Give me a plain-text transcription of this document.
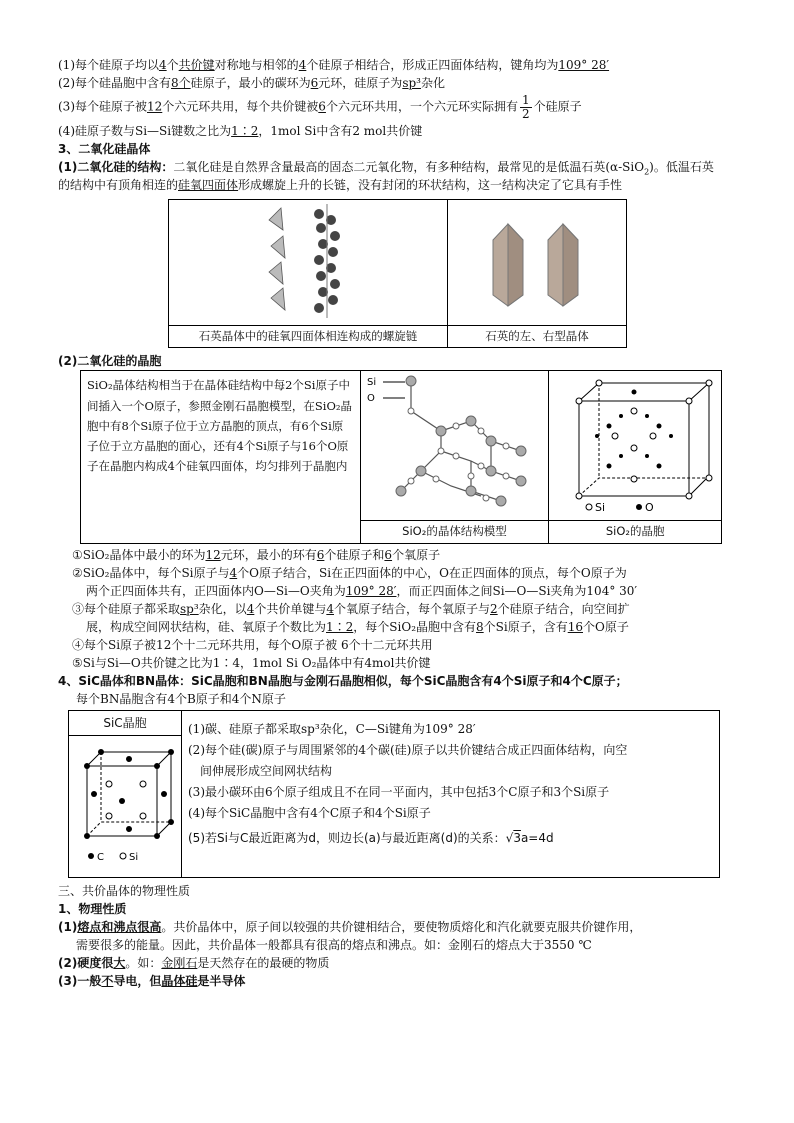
(1)每个硅原子均以4个共价键对称地与相邻的4个硅原子相结合，形成正四面体结构，键角均为109° 28′

(2)每个硅晶胞中含有8个硅原子，最小的碳环为6元环，硅原子为sp³杂化

(3)每个硅原子被12个六元环共用，每个共价键被6个六元环共用，一个六元环实际拥有 $\frac{1}{2}$ 个硅原子

(4)硅原子数与Si—Si键数之比为1∶2，1mol Si中含有2 mol共价键

3、二氧化硅晶体

(1)二氧化硅的结构：二氧化硅是自然界含量最高的固态二元氧化物，有多种结构，最常见的是低温石英(α-SiO$_2$)。低温石英的结构中有顶角相连的硅氧四面体形成螺旋上升的长链，没有封闭的环状结构，这一结构决定了它具有手性

石英晶体中的硅氧四面体相连构成的螺旋链	石英的左、右型晶体

(2)二氧化硅的晶胞

SiO₂晶体结构相当于在晶体硅结构中每2个Si原子中间插入一个O原子，参照金刚石晶胞模型，在SiO₂晶胞中有8个Si原子位于立方晶胞的顶点，有6个Si原子位于立方晶胞的面心，还有4个Si原子与16个O原子在晶胞内构成4个硅氧四面体，均匀排列于晶胞内	Si
O	Si O

	SiO₂的晶体结构模型	SiO₂的晶胞

①SiO₂晶体中最小的环为12元环，最小的环有6个硅原子和6个氧原子

②SiO₂晶体中，每个Si原子与4个O原子结合，Si在正四面体的中心，O在正四面体的顶点，每个O原子为

两个正四面体共有，正四面体内O—Si—O夹角为109° 28′，而正四面体之间Si—O—Si夹角为104° 30′

③每个硅原子都采取sp³杂化，以4个共价单键与4个氧原子结合，每个氧原子与2个硅原子结合，向空间扩

展，构成空间网状结构，硅、氧原子个数比为1∶2，每个SiO₂晶胞中含有8个Si原子，含有16个O原子

④每个Si原子被12个十二元环共用，每个O原子被 6个十二元环共用

⑤Si与Si—O共价键之比为1∶4，1mol Si O₂晶体中有4mol共价键

4、SiC晶体和BN晶体：SiC晶胞和BN晶胞与金刚石晶胞相似，每个SiC晶胞含有4个Si原子和4个C原子；

每个BN晶胞含有4个B原子和4个N原子

SiC晶胞	(1)碳、硅原子都采取sp³杂化，C—Si键角为109° 28′
(2)每个硅(碳)原子与周围紧邻的4个碳(硅)原子以共价键结合成正四面体结构，向空
间伸展形成空间网状结构
(3)最小碳环由6个原子组成且不在同一平面内，其中包括3个C原子和3个Si原子
(4)每个SiC晶胞中含有4个C原子和4个Si原子
(5)若Si与C最近距离为d，则边长(a)与最近距离(d)的关系：√3a=4d

C	Si

三、共价晶体的物理性质

1、物理性质

(1)熔点和沸点很高。共价晶体中，原子间以较强的共价键相结合，要使物质熔化和汽化就要克服共价键作用，

需要很多的能量。因此，共价晶体一般都具有很高的熔点和沸点。如：金刚石的熔点大于3550 ℃

(2)硬度很大。如：金刚石是天然存在的最硬的物质

(3)一般不导电，但晶体硅是半导体
